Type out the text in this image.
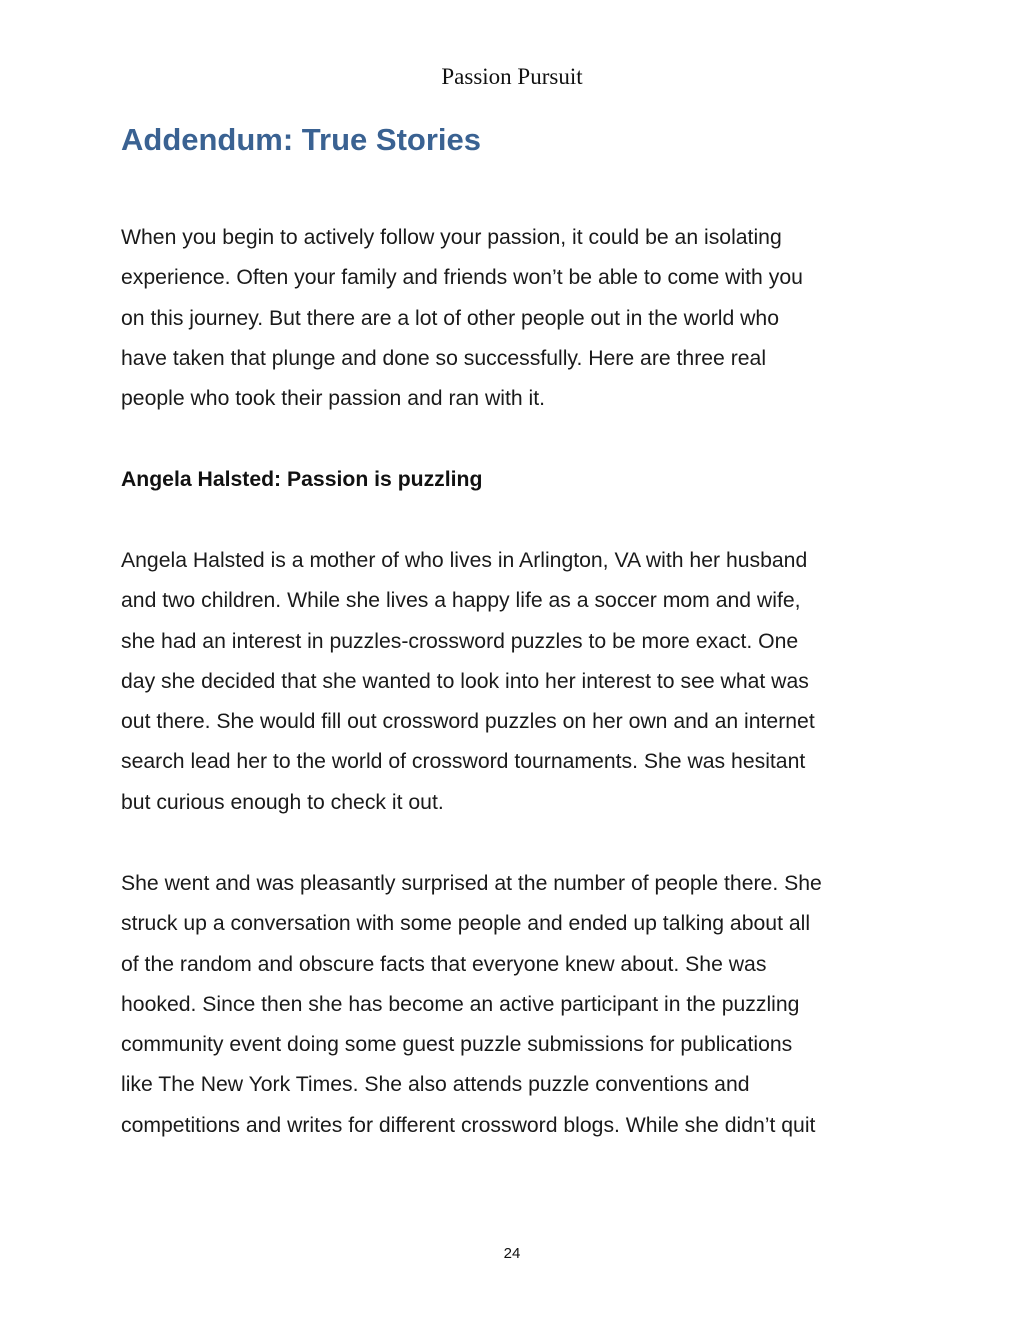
Passion Pursuit
Addendum: True Stories

When you begin to actively follow your passion, it could be an isolating
experience. Often your family and friends won’t be able to come with you
on this journey. But there are a lot of other people out in the world who
have taken that plunge and done so successfully. Here are three real
people who took their passion and ran with it.

Angela Halsted: Passion is puzzling

Angela Halsted is a mother of who lives in Arlington, VA with her husband
and two children. While she lives a happy life as a soccer mom and wife,
she had an interest in puzzles-crossword puzzles to be more exact. One
day she decided that she wanted to look into her interest to see what was
out there. She would fill out crossword puzzles on her own and an internet
search lead her to the world of crossword tournaments. She was hesitant
but curious enough to check it out.

She went and was pleasantly surprised at the number of people there. She
struck up a conversation with some people and ended up talking about all
of the random and obscure facts that everyone knew about. She was
hooked. Since then she has become an active participant in the puzzling
community event doing some guest puzzle submissions for publications
like The New York Times. She also attends puzzle conventions and
competitions and writes for different crossword blogs. While she didn’t quit

24
